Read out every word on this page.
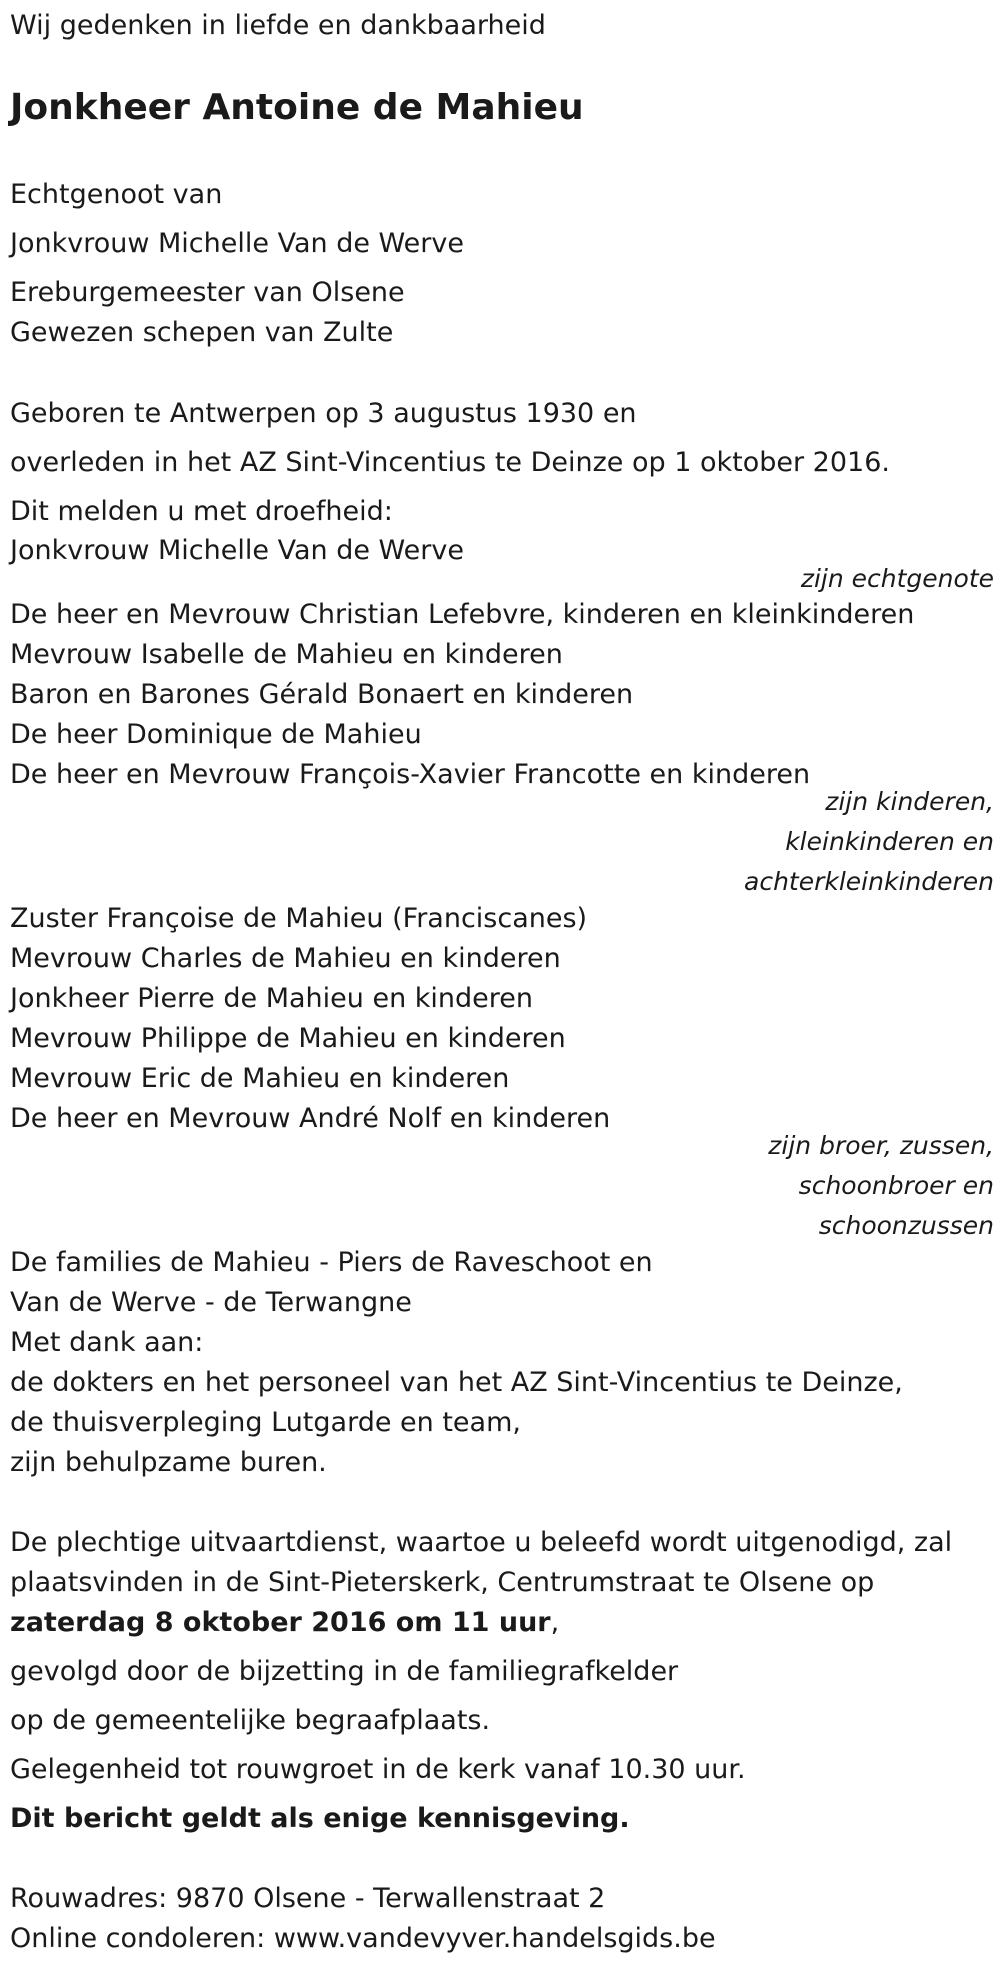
Wij gedenken in liefde en dankbaarheid
Jonkheer Antoine de Mahieu
Echtgenoot van
Jonkvrouw Michelle Van de Werve
Ereburgemeester van Olsene
Gewezen schepen van Zulte
Geboren te Antwerpen op 3 augustus 1930 en
overleden in het AZ Sint-Vincentius te Deinze op 1 oktober 2016.
Dit melden u met droefheid:
Jonkvrouw Michelle Van de Werve
zijn echtgenote
De heer en Mevrouw Christian Lefebvre, kinderen en kleinkinderen
Mevrouw Isabelle de Mahieu en kinderen
Baron en Barones Gérald Bonaert en kinderen
De heer Dominique de Mahieu
De heer en Mevrouw François-Xavier Francotte en kinderen
zijn kinderen,
kleinkinderen en
achterkleinkinderen
Zuster Françoise de Mahieu (Franciscanes)
Mevrouw Charles de Mahieu en kinderen
Jonkheer Pierre de Mahieu en kinderen
Mevrouw Philippe de Mahieu en kinderen
Mevrouw Eric de Mahieu en kinderen
De heer en Mevrouw André Nolf en kinderen
zijn broer, zussen,
schoonbroer en
schoonzussen
De families de Mahieu - Piers de Raveschoot en
Van de Werve - de Terwangne
Met dank aan:
de dokters en het personeel van het AZ Sint-Vincentius te Deinze,
de thuisverpleging Lutgarde en team,
zijn behulpzame buren.
De plechtige uitvaartdienst, waartoe u beleefd wordt uitgenodigd, zal
plaatsvinden in de Sint-Pieterskerk, Centrumstraat te Olsene op
zaterdag 8 oktober 2016 om 11 uur,
gevolgd door de bijzetting in de familiegrafkelder
op de gemeentelijke begraafplaats.
Gelegenheid tot rouwgroet in de kerk vanaf 10.30 uur.
Dit bericht geldt als enige kennisgeving.
Rouwadres: 9870 Olsene - Terwallenstraat 2
Online condoleren: www.vandevyver.handelsgids.be
